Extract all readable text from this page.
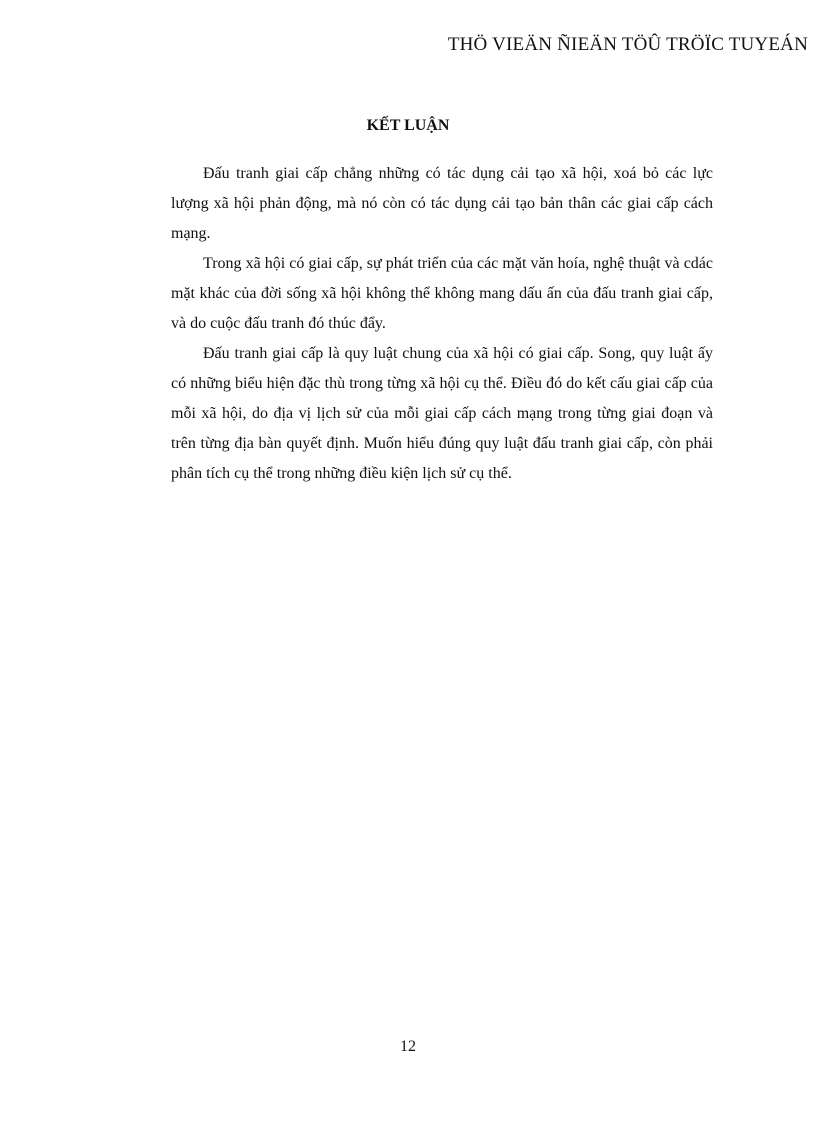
THÖ VIEÄN ÑIEÄN TÖÛ TRÖÏC TUYEÁN
KẾT LUẬN

Đấu tranh giai cấp chẳng những có tác dụng cải tạo xã hội, xoá bỏ các lực lượng xã hội phản động, mà nó còn có tác dụng cải tạo bản thân các giai cấp cách mạng.

Trong xã hội có giai cấp, sự phát triển của các mặt văn hoía, nghệ thuật và cdác mặt khác của đời sống xã hội không thể không mang dấu ấn của đấu tranh giai cấp, và do cuộc đấu tranh đó thúc đẩy.

Đấu tranh giai cấp là quy luật chung của xã hội có giai cấp. Song, quy luật ấy có những biểu hiện đặc thù trong từng xã hội cụ thể. Điều đó do kết cấu giai cấp của mỗi xã hội, do địa vị lịch sử của mỗi giai cấp cách mạng trong từng giai đoạn và trên từng địa bàn quyết định. Muốn hiểu đúng quy luật đấu tranh giai cấp, còn phải phân tích cụ thể trong những điều kiện lịch sử cụ thể.

12
